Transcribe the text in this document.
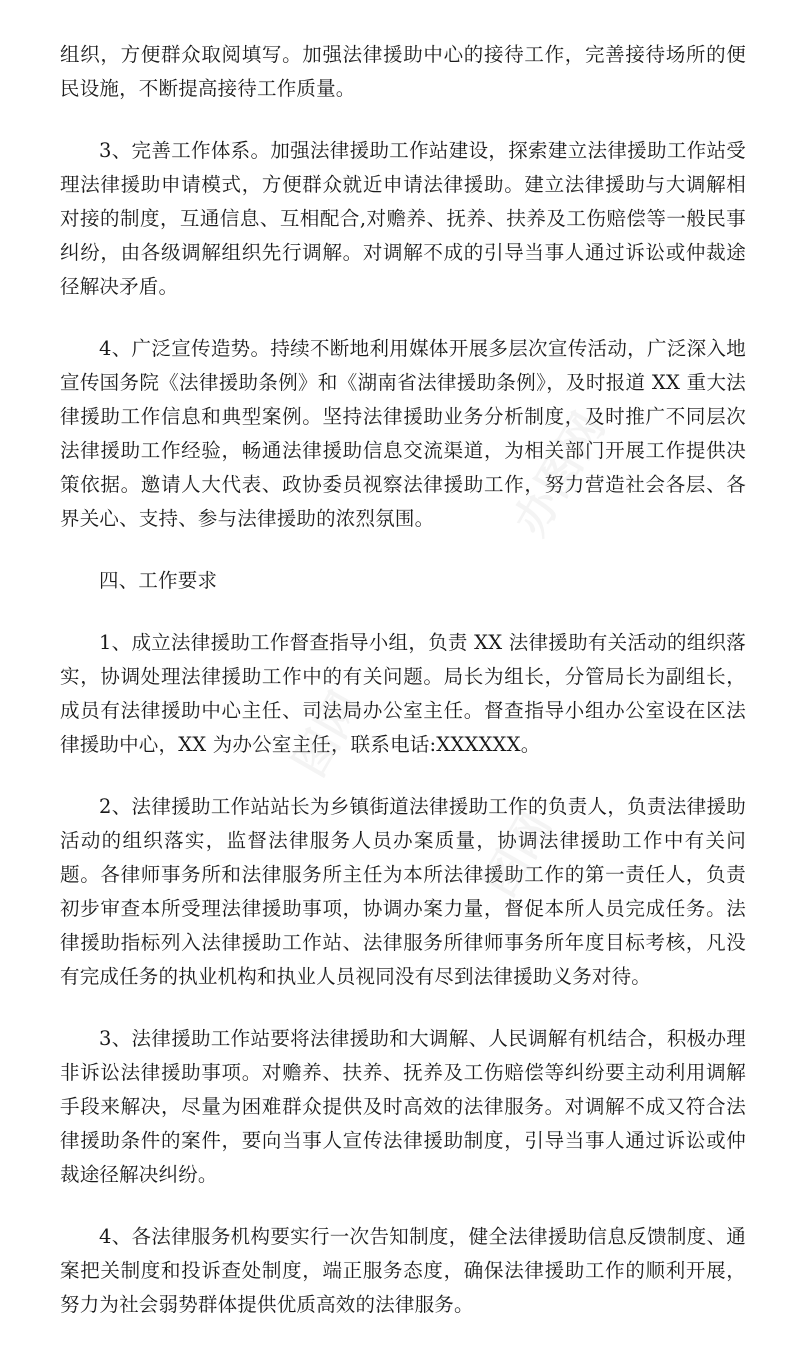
组织，方便群众取阅填写。加强法律援助中心的接待工作，完善接待场所的便民设施，不断提高接待工作质量。

3、完善工作体系。加强法律援助工作站建设，探索建立法律援助工作站受理法律援助申请模式，方便群众就近申请法律援助。建立法律援助与大调解相对接的制度，互通信息、互相配合,对赡养、抚养、扶养及工伤赔偿等一般民事纠纷，由各级调解组织先行调解。对调解不成的引导当事人通过诉讼或仲裁途径解决矛盾。

4、广泛宣传造势。持续不断地利用媒体开展多层次宣传活动，广泛深入地宣传国务院《法律援助条例》和《湖南省法律援助条例》，及时报道 XX 重大法律援助工作信息和典型案例。坚持法律援助业务分析制度，及时推广不同层次法律援助工作经验，畅通法律援助信息交流渠道，为相关部门开展工作提供决策依据。邀请人大代表、政协委员视察法律援助工作，努力营造社会各层、各界关心、支持、参与法律援助的浓烈氛围。

四、工作要求

1、成立法律援助工作督查指导小组，负责 XX 法律援助有关活动的组织落实，协调处理法律援助工作中的有关问题。局长为组长，分管局长为副组长，成员有法律援助中心主任、司法局办公室主任。督查指导小组办公室设在区法律援助中心，XX 为办公室主任，联系电话:XXXXXX。

2、法律援助工作站站长为乡镇街道法律援助工作的负责人，负责法律援助活动的组织落实，监督法律服务人员办案质量，协调法律援助工作中有关问题。各律师事务所和法律服务所主任为本所法律援助工作的第一责任人，负责初步审查本所受理法律援助事项，协调办案力量，督促本所人员完成任务。法律援助指标列入法律援助工作站、法律服务所律师事务所年度目标考核，凡没有完成任务的执业机构和执业人员视同没有尽到法律援助义务对待。

3、法律援助工作站要将法律援助和大调解、人民调解有机结合，积极办理非诉讼法律援助事项。对赡养、扶养、抚养及工伤赔偿等纠纷要主动利用调解手段来解决，尽量为困难群众提供及时高效的法律服务。对调解不成又符合法律援助条件的案件，要向当事人宣传法律援助制度，引导当事人通过诉讼或仲裁途径解决纠纷。

4、各法律服务机构要实行一次告知制度，健全法律援助信息反馈制度、通案把关制度和投诉查处制度，端正服务态度，确保法律援助工作的顺利开展，努力为社会弱势群体提供优质高效的法律服务。

办图网
图网
图网
